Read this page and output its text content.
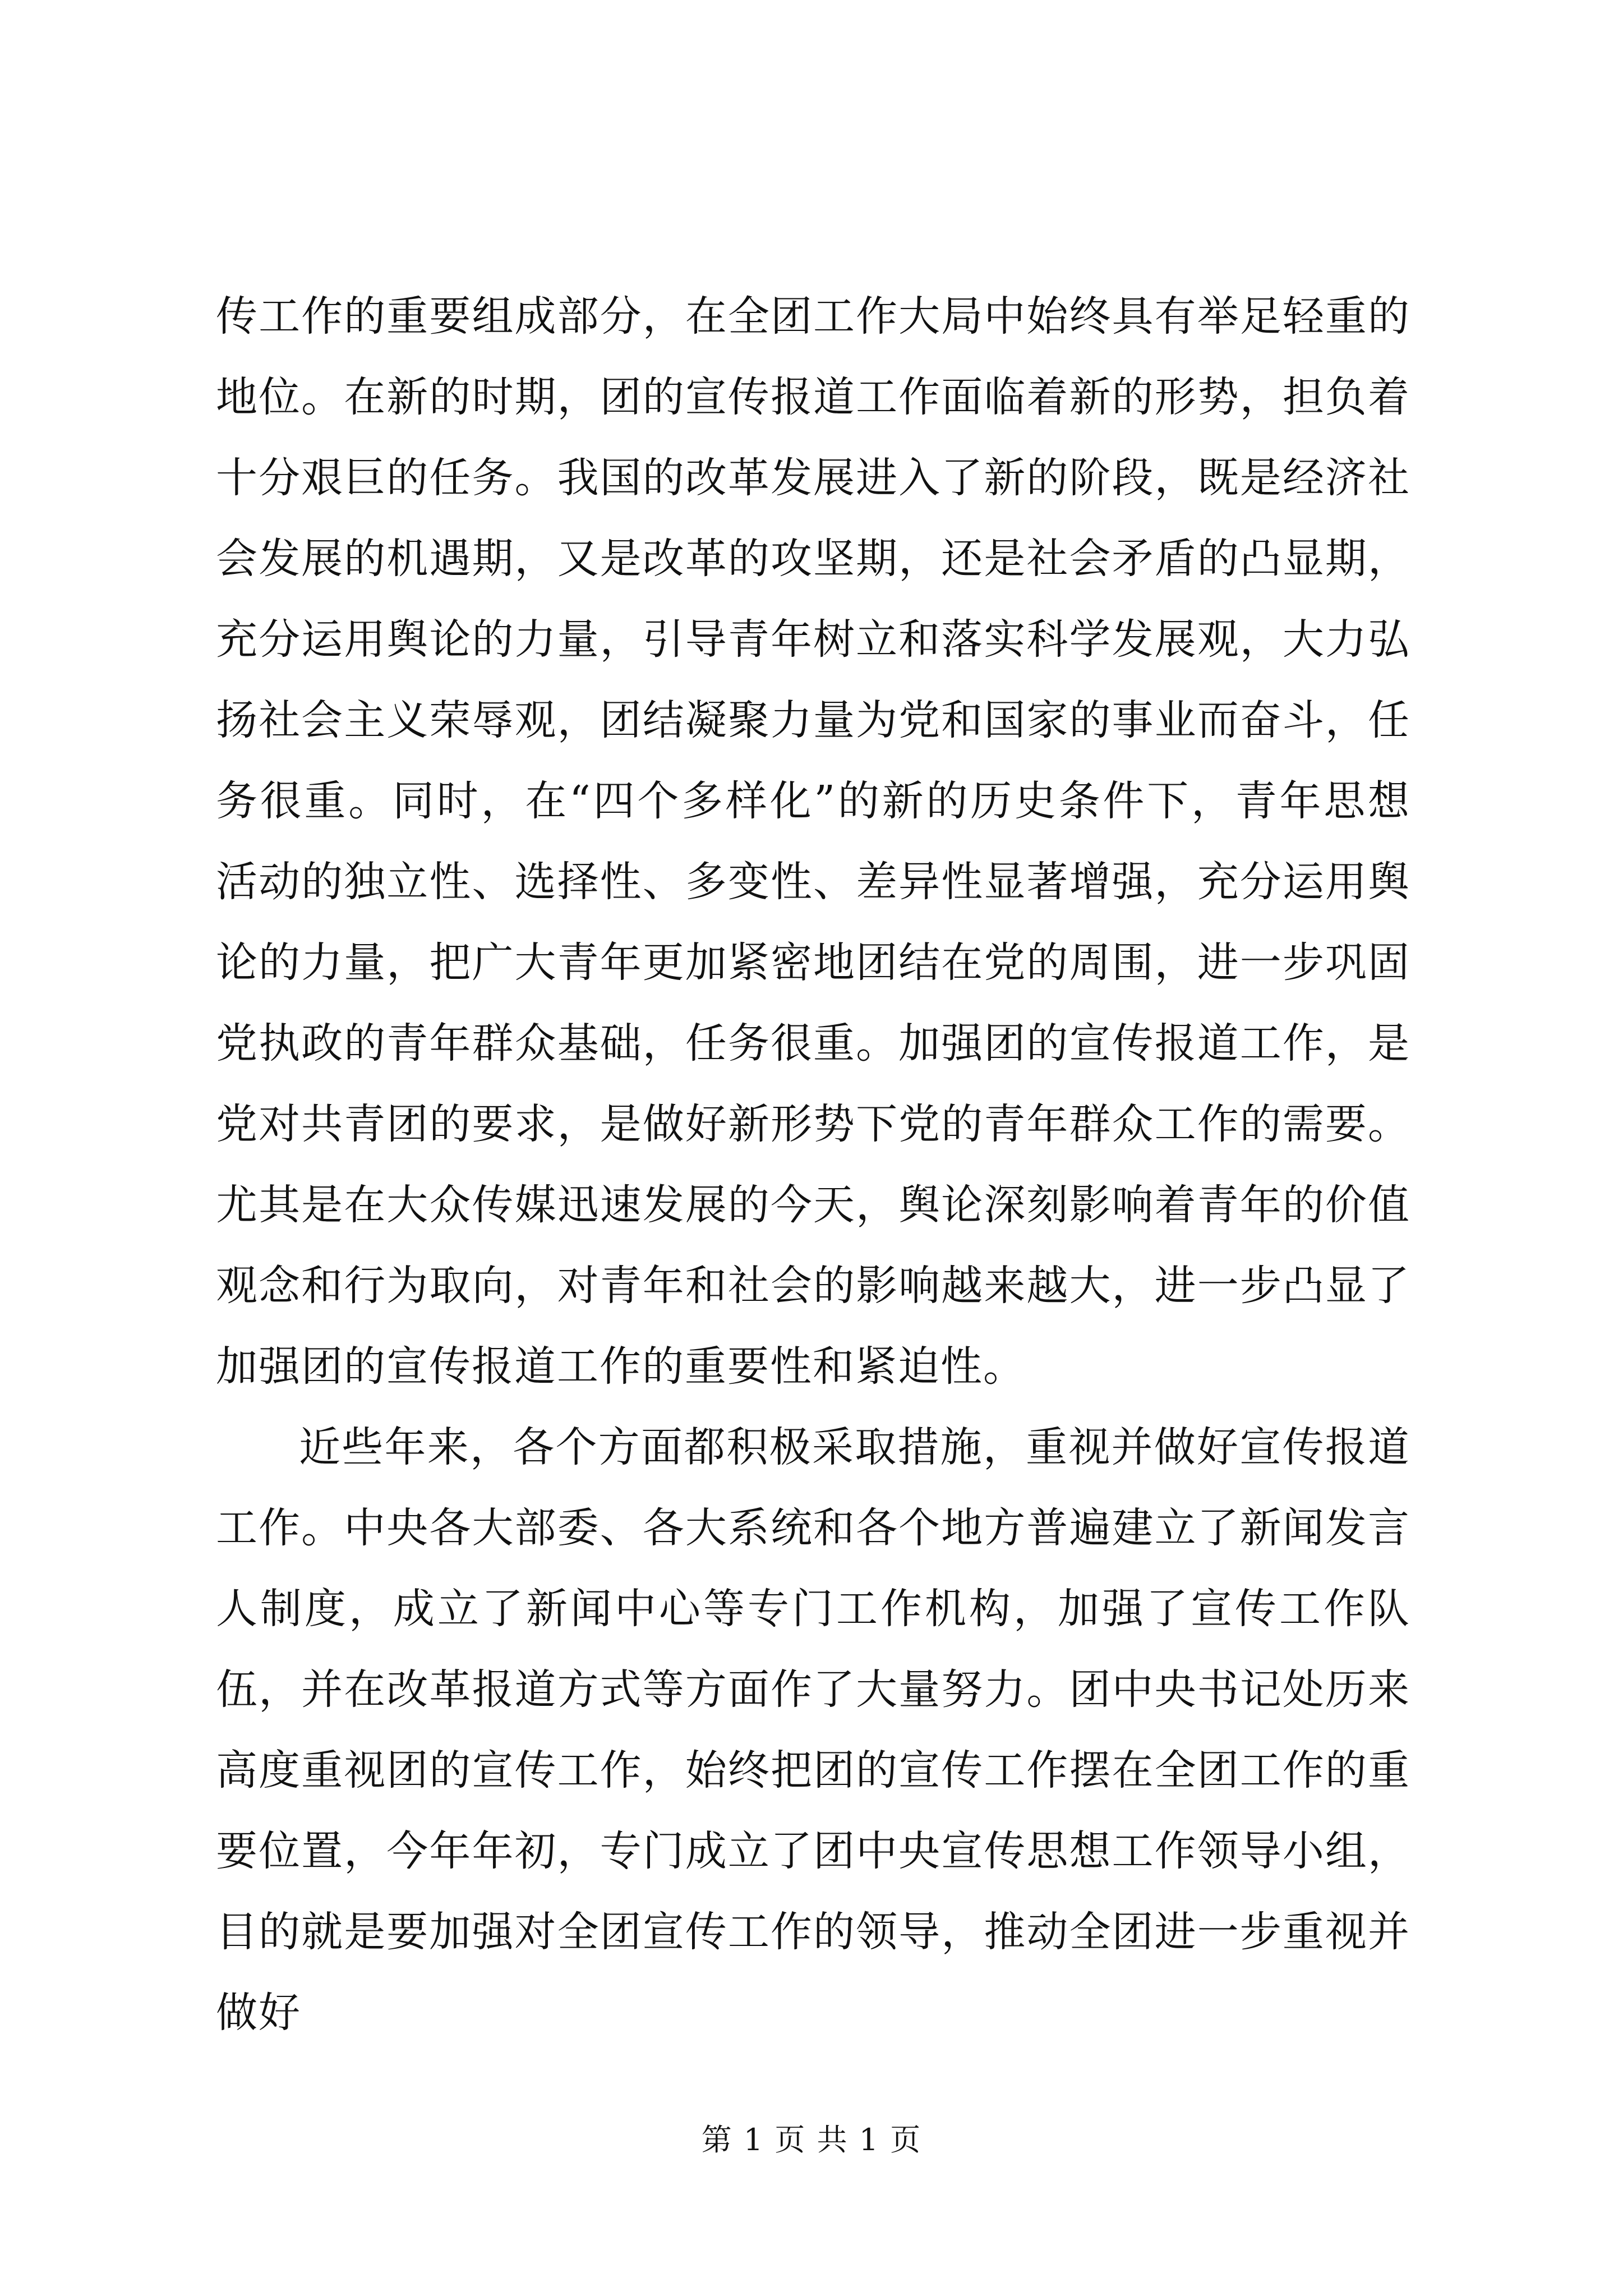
传工作的重要组成部分，在全团工作大局中始终具有举足轻重的地位。在新的时期，团的宣传报道工作面临着新的形势，担负着十分艰巨的任务。我国的改革发展进入了新的阶段，既是经济社会发展的机遇期，又是改革的攻坚期，还是社会矛盾的凸显期，充分运用舆论的力量，引导青年树立和落实科学发展观，大力弘扬社会主义荣辱观，团结凝聚力量为党和国家的事业而奋斗，任务很重。同时，在“四个多样化”的新的历史条件下，青年思想活动的独立性、选择性、多变性、差异性显著增强，充分运用舆论的力量，把广大青年更加紧密地团结在党的周围，进一步巩固党执政的青年群众基础，任务很重。加强团的宣传报道工作，是党对共青团的要求，是做好新形势下党的青年群众工作的需要。尤其是在大众传媒迅速发展的今天，舆论深刻影响着青年的价值观念和行为取向，对青年和社会的影响越来越大，进一步凸显了加强团的宣传报道工作的重要性和紧迫性。

近些年来，各个方面都积极采取措施，重视并做好宣传报道工作。中央各大部委、各大系统和各个地方普遍建立了新闻发言人制度，成立了新闻中心等专门工作机构，加强了宣传工作队伍，并在改革报道方式等方面作了大量努力。团中央书记处历来高度重视团的宣传工作，始终把团的宣传工作摆在全团工作的重要位置，今年年初，专门成立了团中央宣传思想工作领导小组，目的就是要加强对全团宣传工作的领导，推动全团进一步重视并做好

第 1 页 共 1 页
